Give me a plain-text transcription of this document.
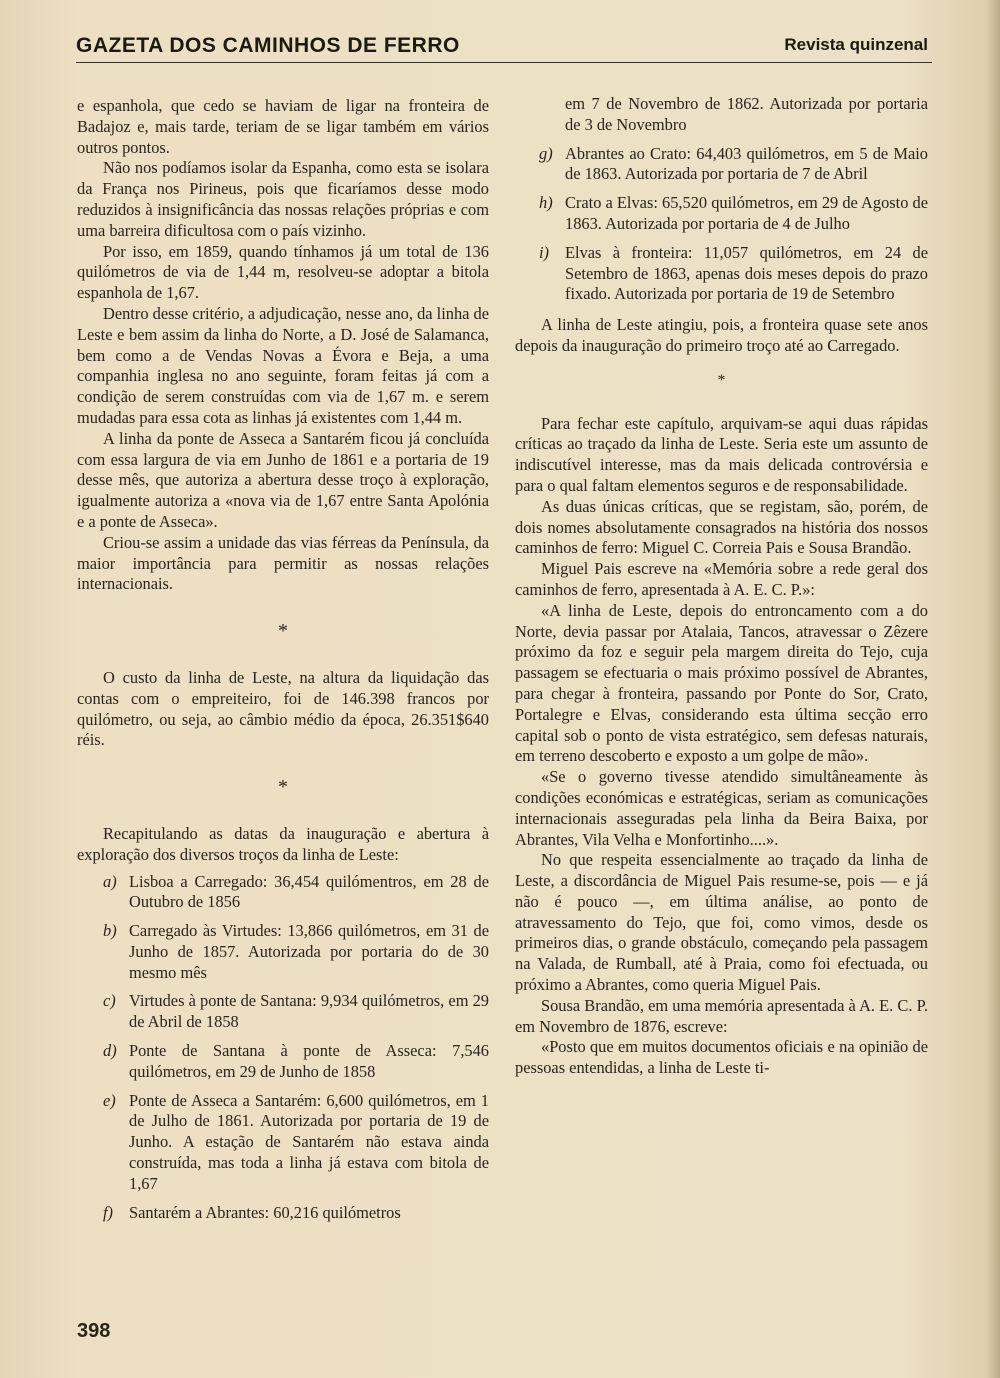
GAZETA DOS CAMINHOS DE FERRO	Revista quinzenal

e espanhola, que cedo se haviam de ligar na fronteira de Badajoz e, mais tarde, teriam de se ligar também em vários outros pontos.

Não nos podíamos isolar da Espanha, como esta se isolara da França nos Pirineus, pois que ficaríamos desse modo reduzidos à insignificância das nossas relações próprias e com uma barreira dificultosa com o país vizinho.

Por isso, em 1859, quando tínhamos já um total de 136 quilómetros de via de 1,44 m, resolveu-se adoptar a bitola espanhola de 1,67.

Dentro desse critério, a adjudicação, nesse ano, da linha de Leste e bem assim da linha do Norte, a D. José de Salamanca, bem como a de Vendas Novas a Évora e Beja, a uma companhia inglesa no ano seguinte, foram feitas já com a condição de serem construídas com via de 1,67 m. e serem mudadas para essa cota as linhas já existentes com 1,44 m.

A linha da ponte de Asseca a Santarém ficou já concluída com essa largura de via em Junho de 1861 e a portaria de 19 desse mês, que autoriza a abertura desse troço à exploração, igualmente autoriza a «nova via de 1,67 entre Santa Apolónia e a ponte de Asseca».

Criou-se assim a unidade das vias férreas da Península, da maior importância para permitir as nossas relações internacionais.

*

O custo da linha de Leste, na altura da liquidação das contas com o empreiteiro, foi de 146.398 francos por quilómetro, ou seja, ao câmbio médio da época, 26.351$640 réis.

*

Recapitulando as datas da inauguração e abertura à exploração dos diversos troços da linha de Leste:

a) Lisboa a Carregado: 36,454 quilómentros, em 28 de Outubro de 1856
b) Carregado às Virtudes: 13,866 quilómetros, em 31 de Junho de 1857. Autorizada por portaria do de 30 mesmo mês
c) Virtudes à ponte de Santana: 9,934 quilómetros, em 29 de Abril de 1858
d) Ponte de Santana à ponte de Asseca: 7,546 quilómetros, em 29 de Junho de 1858
e) Ponte de Asseca a Santarém: 6,600 quilómetros, em 1 de Julho de 1861. Autorizada por portaria de 19 de Junho. A estação de Santarém não estava ainda construída, mas toda a linha já estava com bitola de 1,67
f) Santarém a Abrantes: 60,216 quilómetros
em 7 de Novembro de 1862. Autorizada por portaria de 3 de Novembro
g) Abrantes ao Crato: 64,403 quilómetros, em 5 de Maio de 1863. Autorizada por portaria de 7 de Abril
h) Crato a Elvas: 65,520 quilómetros, em 29 de Agosto de 1863. Autorizada por portaria de 4 de Julho
i) Elvas à fronteira: 11,057 quilómetros, em 24 de Setembro de 1863, apenas dois meses depois do prazo fixado. Autorizada por portaria de 19 de Setembro

A linha de Leste atingiu, pois, a fronteira quase sete anos depois da inauguração do primeiro troço até ao Carregado.

*

Para fechar este capítulo, arquivam-se aqui duas rápidas críticas ao traçado da linha de Leste. Seria este um assunto de indiscutível interesse, mas da mais delicada controvérsia e para o qual faltam elementos seguros e de responsabilidade.

As duas únicas críticas, que se registam, são, porém, de dois nomes absolutamente consagrados na história dos nossos caminhos de ferro: Miguel C. Correia Pais e Sousa Brandão.

Miguel Pais escreve na «Memória sobre a rede geral dos caminhos de ferro, apresentada à A. E. C. P.»:

«A linha de Leste, depois do entroncamento com a do Norte, devia passar por Atalaia, Tancos, atravessar o Zêzere próximo da foz e seguir pela margem direita do Tejo, cuja passagem se efectuaria o mais próximo possível de Abrantes, para chegar à fronteira, passando por Ponte do Sor, Crato, Portalegre e Elvas, considerando esta última secção erro capital sob o ponto de vista estratégico, sem defesas naturais, em terreno descoberto e exposto a um golpe de mão».

«Se o governo tivesse atendido simultâneamente às condições económicas e estratégicas, seriam as comunicações internacionais asseguradas pela linha da Beira Baixa, por Abrantes, Vila Velha e Monfortinho....».

No que respeita essencialmente ao traçado da linha de Leste, a discordância de Miguel Pais resume-se, pois — e já não é pouco —, em última análise, ao ponto de atravessamento do Tejo, que foi, como vimos, desde os primeiros dias, o grande obstáculo, começando pela passagem na Valada, de Rumball, até à Praia, como foi efectuada, ou próximo a Abrantes, como queria Miguel Pais.

Sousa Brandão, em uma memória apresentada à A. E. C. P. em Novembro de 1876, escreve:

«Posto que em muitos documentos oficiais e na opinião de pessoas entendidas, a linha de Leste ti-

398
